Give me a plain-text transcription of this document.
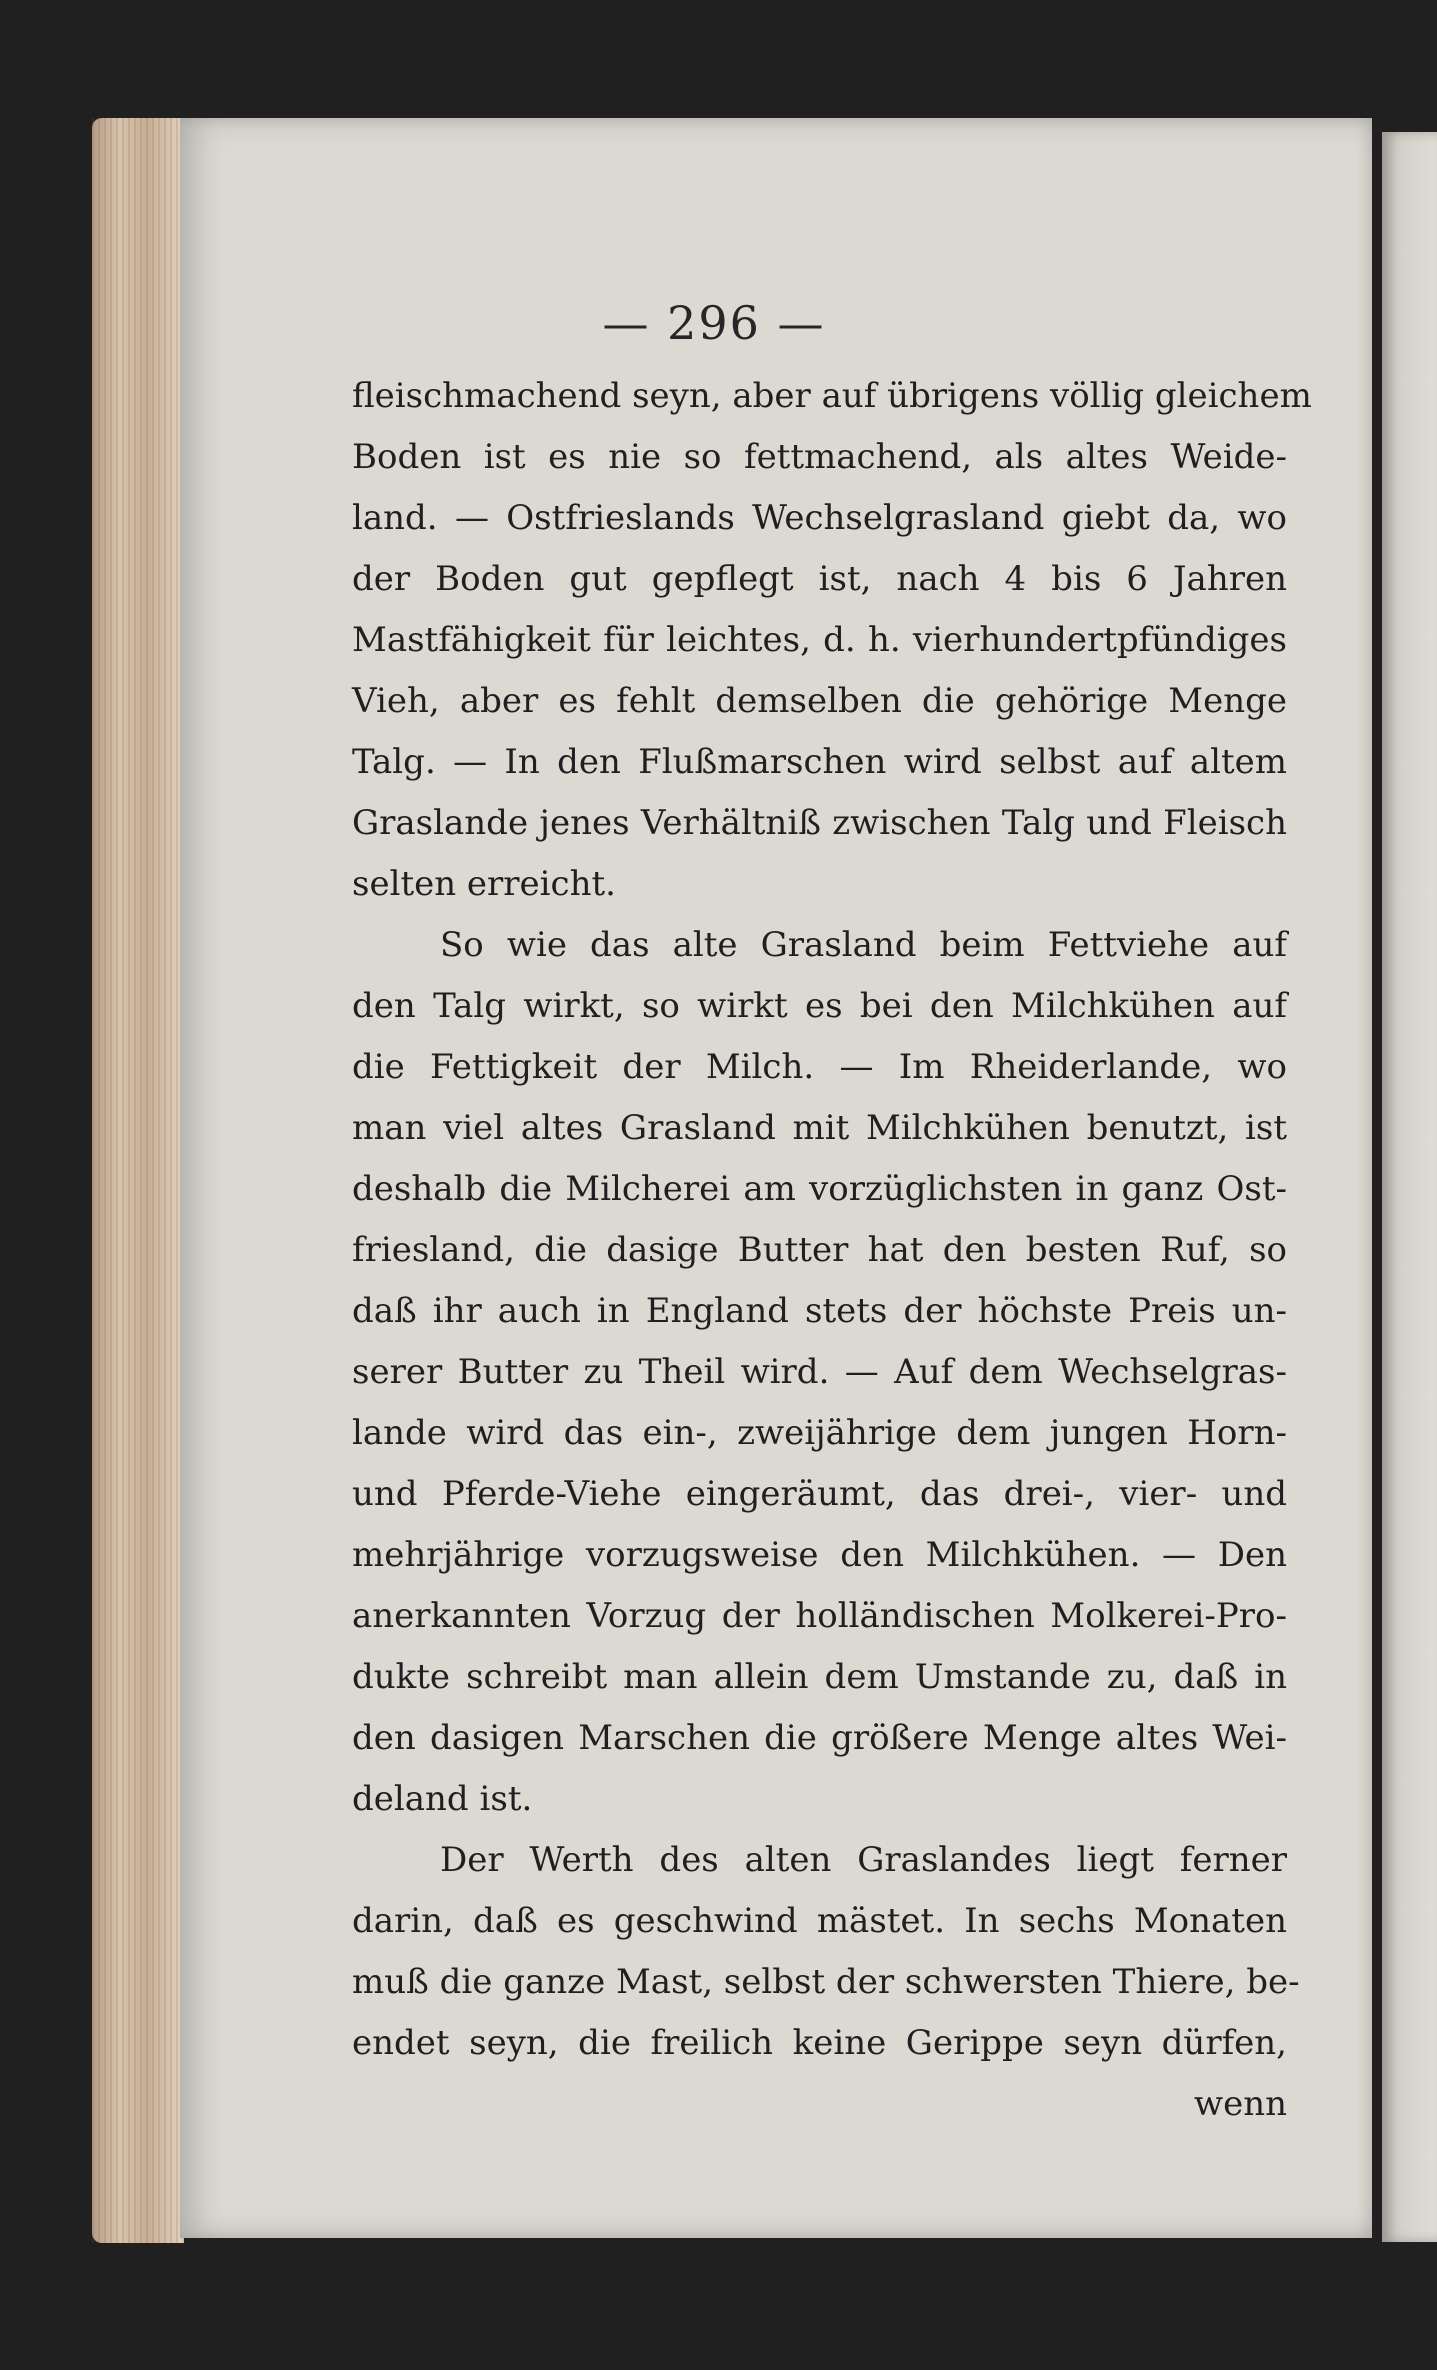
— 296 —
fleischmachend seyn, aber auf übrigens völlig gleichem
Boden ist es nie so fettmachend, als altes Weide-
land. — Ostfrieslands Wechselgrasland giebt da, wo
der Boden gut gepflegt ist, nach 4 bis 6 Jahren
Mastfähigkeit für leichtes, d. h. vierhundertpfündiges
Vieh, aber es fehlt demselben die gehörige Menge
Talg. — In den Flußmarschen wird selbst auf altem
Graslande jenes Verhältniß zwischen Talg und Fleisch
selten erreicht.
So wie das alte Grasland beim Fettviehe auf
den Talg wirkt, so wirkt es bei den Milchkühen auf
die Fettigkeit der Milch. — Im Rheiderlande, wo
man viel altes Grasland mit Milchkühen benutzt, ist
deshalb die Milcherei am vorzüglichsten in ganz Ost-
friesland, die dasige Butter hat den besten Ruf, so
daß ihr auch in England stets der höchste Preis un-
serer Butter zu Theil wird. — Auf dem Wechselgras-
lande wird das ein-, zweijährige dem jungen Horn-
und Pferde-Viehe eingeräumt, das drei-, vier- und
mehrjährige vorzugsweise den Milchkühen. — Den
anerkannten Vorzug der holländischen Molkerei-Pro-
dukte schreibt man allein dem Umstande zu, daß in
den dasigen Marschen die größere Menge altes Wei-
deland ist.
Der Werth des alten Graslandes liegt ferner
darin, daß es geschwind mästet. In sechs Monaten
muß die ganze Mast, selbst der schwersten Thiere, be-
endet seyn, die freilich keine Gerippe seyn dürfen,
wenn
